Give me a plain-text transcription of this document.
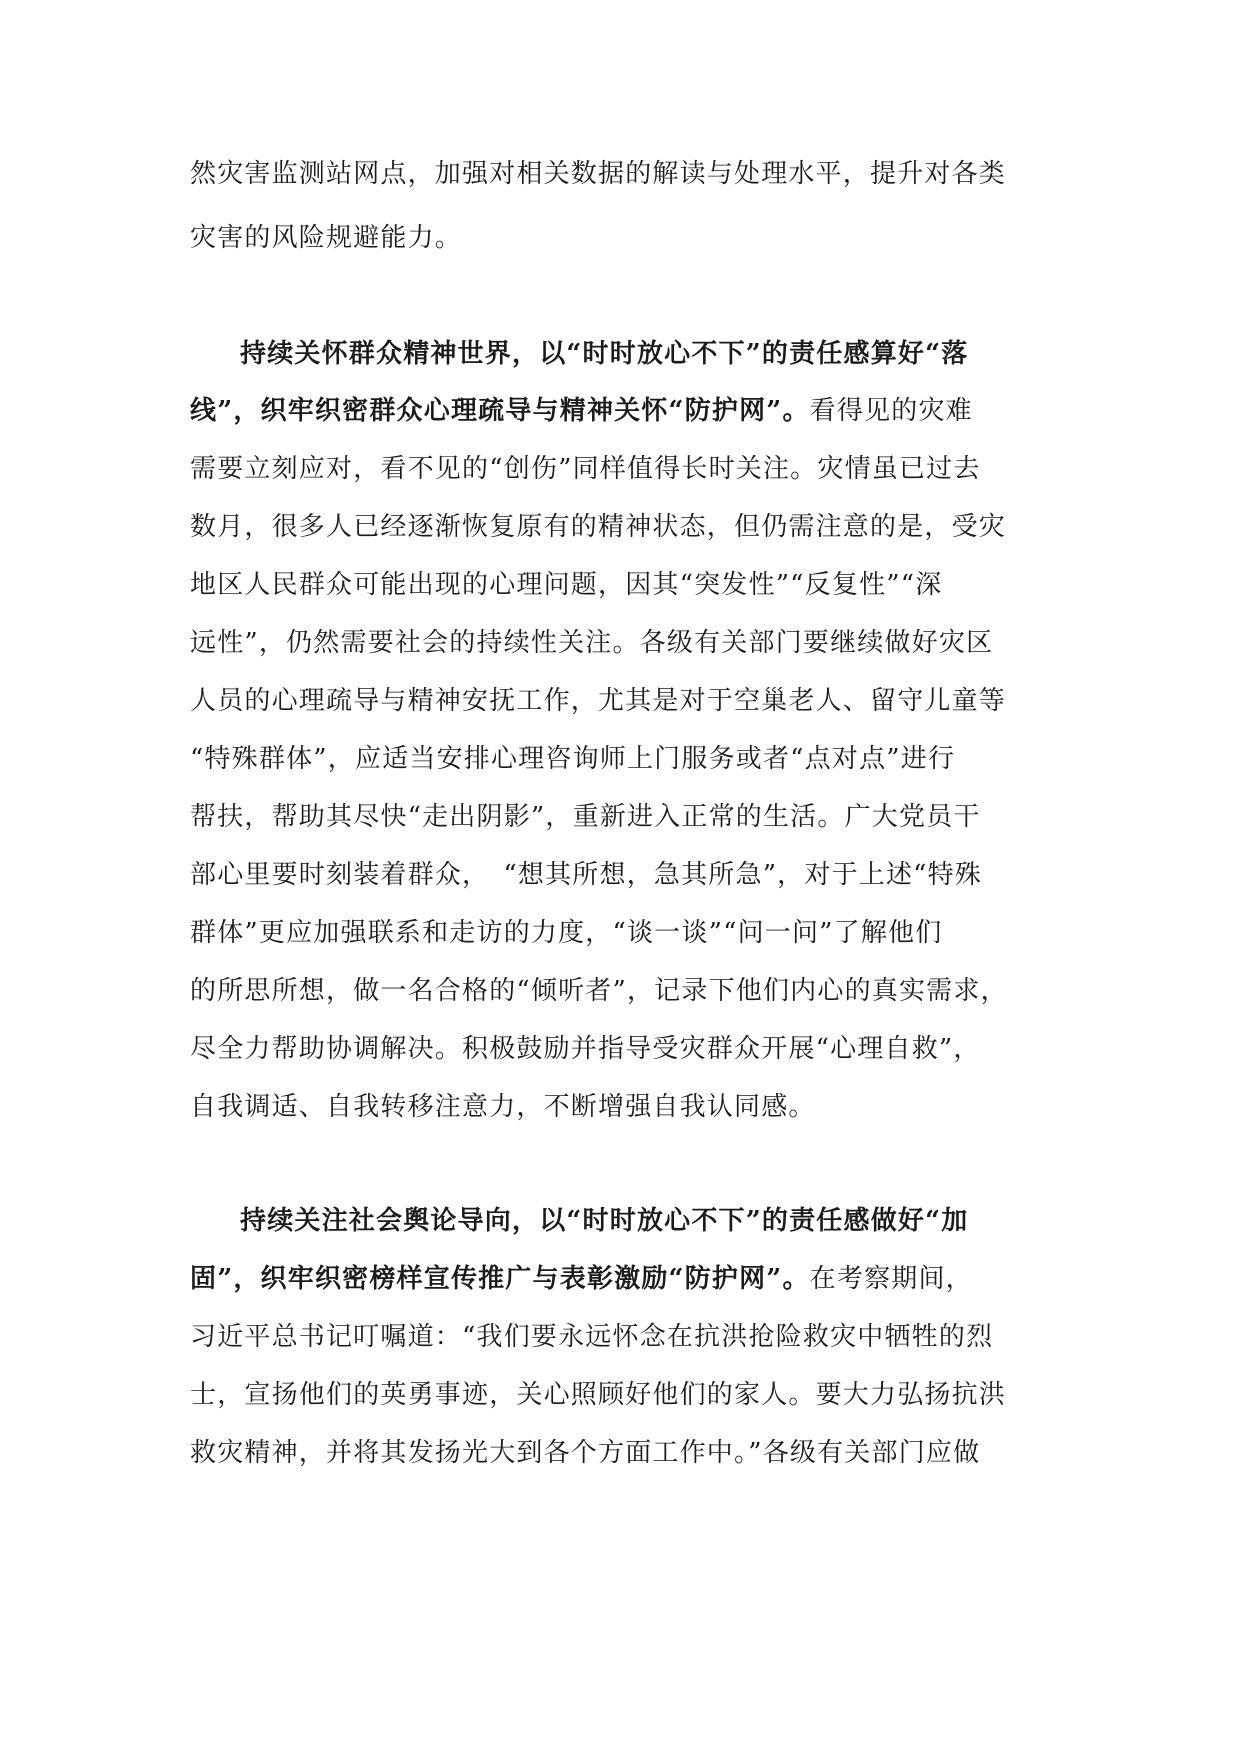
然灾害监测站网点，加强对相关数据的解读与处理水平，提升对各类
灾害的风险规避能力。
持续关怀群众精神世界，以“时时放心不下”的责任感算好“落
线”，织牢织密群众心理疏导与精神关怀“防护网”。看得见的灾难
需要立刻应对，看不见的“创伤”同样值得长时关注。灾情虽已过去
数月，很多人已经逐渐恢复原有的精神状态，但仍需注意的是，受灾
地区人民群众可能出现的心理问题，因其“突发性”“反复性”“深
远性”，仍然需要社会的持续性关注。各级有关部门要继续做好灾区
人员的心理疏导与精神安抚工作，尤其是对于空巢老人、留守儿童等
“特殊群体”，应适当安排心理咨询师上门服务或者“点对点”进行
帮扶，帮助其尽快“走出阴影”，重新进入正常的生活。广大党员干
部心里要时刻装着群众，　“想其所想，急其所急”，对于上述“特殊
群体”更应加强联系和走访的力度，“谈一谈”“问一问”了解他们
的所思所想，做一名合格的“倾听者”，记录下他们内心的真实需求，
尽全力帮助协调解决。积极鼓励并指导受灾群众开展“心理自救”，
自我调适、自我转移注意力，不断增强自我认同感。
持续关注社会舆论导向，以“时时放心不下”的责任感做好“加
固”，织牢织密榜样宣传推广与表彰激励“防护网”。在考察期间，
习近平总书记叮嘱道：“我们要永远怀念在抗洪抢险救灾中牺牲的烈
士，宣扬他们的英勇事迹，关心照顾好他们的家人。要大力弘扬抗洪
救灾精神，并将其发扬光大到各个方面工作中。”各级有关部门应做
